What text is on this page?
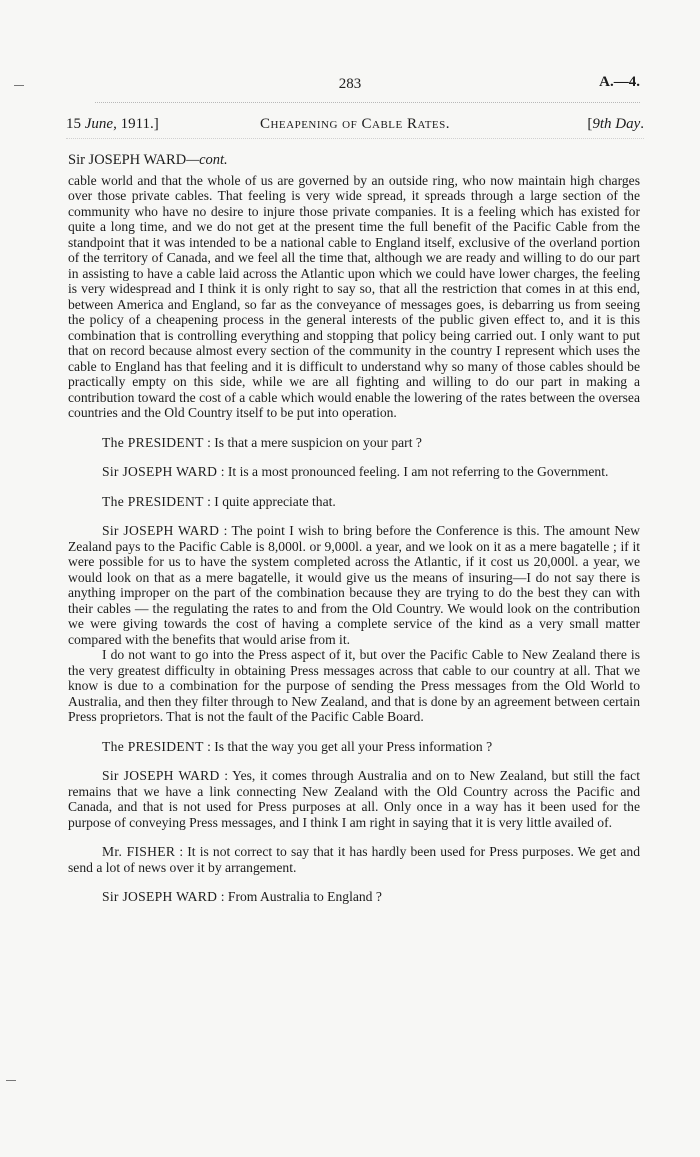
283	A.—4.
15 June, 1911.]	Cheapening of Cable Rates.	[9th Day.
Sir JOSEPH WARD—cont.

cable world and that the whole of us are governed by an outside ring, who now maintain high charges over those private cables. That feeling is very wide spread, it spreads through a large section of the community who have no desire to injure those private companies. It is a feeling which has existed for quite a long time, and we do not get at the present time the full benefit of the Pacific Cable from the standpoint that it was intended to be a national cable to England itself, exclusive of the overland portion of the territory of Canada, and we feel all the time that, although we are ready and willing to do our part in assisting to have a cable laid across the Atlantic upon which we could have lower charges, the feeling is very widespread and I think it is only right to say so, that all the restriction that comes in at this end, between America and England, so far as the conveyance of messages goes, is debarring us from seeing the policy of a cheapening process in the general interests of the public given effect to, and it is this combination that is controlling everything and stopping that policy being carried out. I only want to put that on record because almost every section of the community in the country I represent which uses the cable to England has that feeling and it is difficult to understand why so many of those cables should be practically empty on this side, while we are all fighting and willing to do our part in making a contribution toward the cost of a cable which would enable the lowering of the rates between the oversea countries and the Old Country itself to be put into operation.

The PRESIDENT : Is that a mere suspicion on your part ?

Sir JOSEPH WARD : It is a most pronounced feeling. I am not referring to the Government.

The PRESIDENT : I quite appreciate that.

Sir JOSEPH WARD : The point I wish to bring before the Conference is this. The amount New Zealand pays to the Pacific Cable is 8,000l. or 9,000l. a year, and we look on it as a mere bagatelle ; if it were possible for us to have the system completed across the Atlantic, if it cost us 20,000l. a year, we would look on that as a mere bagatelle, it would give us the means of insuring—I do not say there is anything improper on the part of the combination because they are trying to do the best they can with their cables — the regulating the rates to and from the Old Country. We would look on the contribution we were giving towards the cost of having a complete service of the kind as a very small matter compared with the benefits that would arise from it.

I do not want to go into the Press aspect of it, but over the Pacific Cable to New Zealand there is the very greatest difficulty in obtaining Press messages across that cable to our country at all. That we know is due to a combination for the purpose of sending the Press messages from the Old World to Australia, and then they filter through to New Zealand, and that is done by an agreement between certain Press proprietors. That is not the fault of the Pacific Cable Board.

The PRESIDENT : Is that the way you get all your Press information ?

Sir JOSEPH WARD : Yes, it comes through Australia and on to New Zealand, but still the fact remains that we have a link connecting New Zealand with the Old Country across the Pacific and Canada, and that is not used for Press purposes at all. Only once in a way has it been used for the purpose of conveying Press messages, and I think I am right in saying that it is very little availed of.

Mr. FISHER : It is not correct to say that it has hardly been used for Press purposes. We get and send a lot of news over it by arrangement.

Sir JOSEPH WARD : From Australia to England ?
